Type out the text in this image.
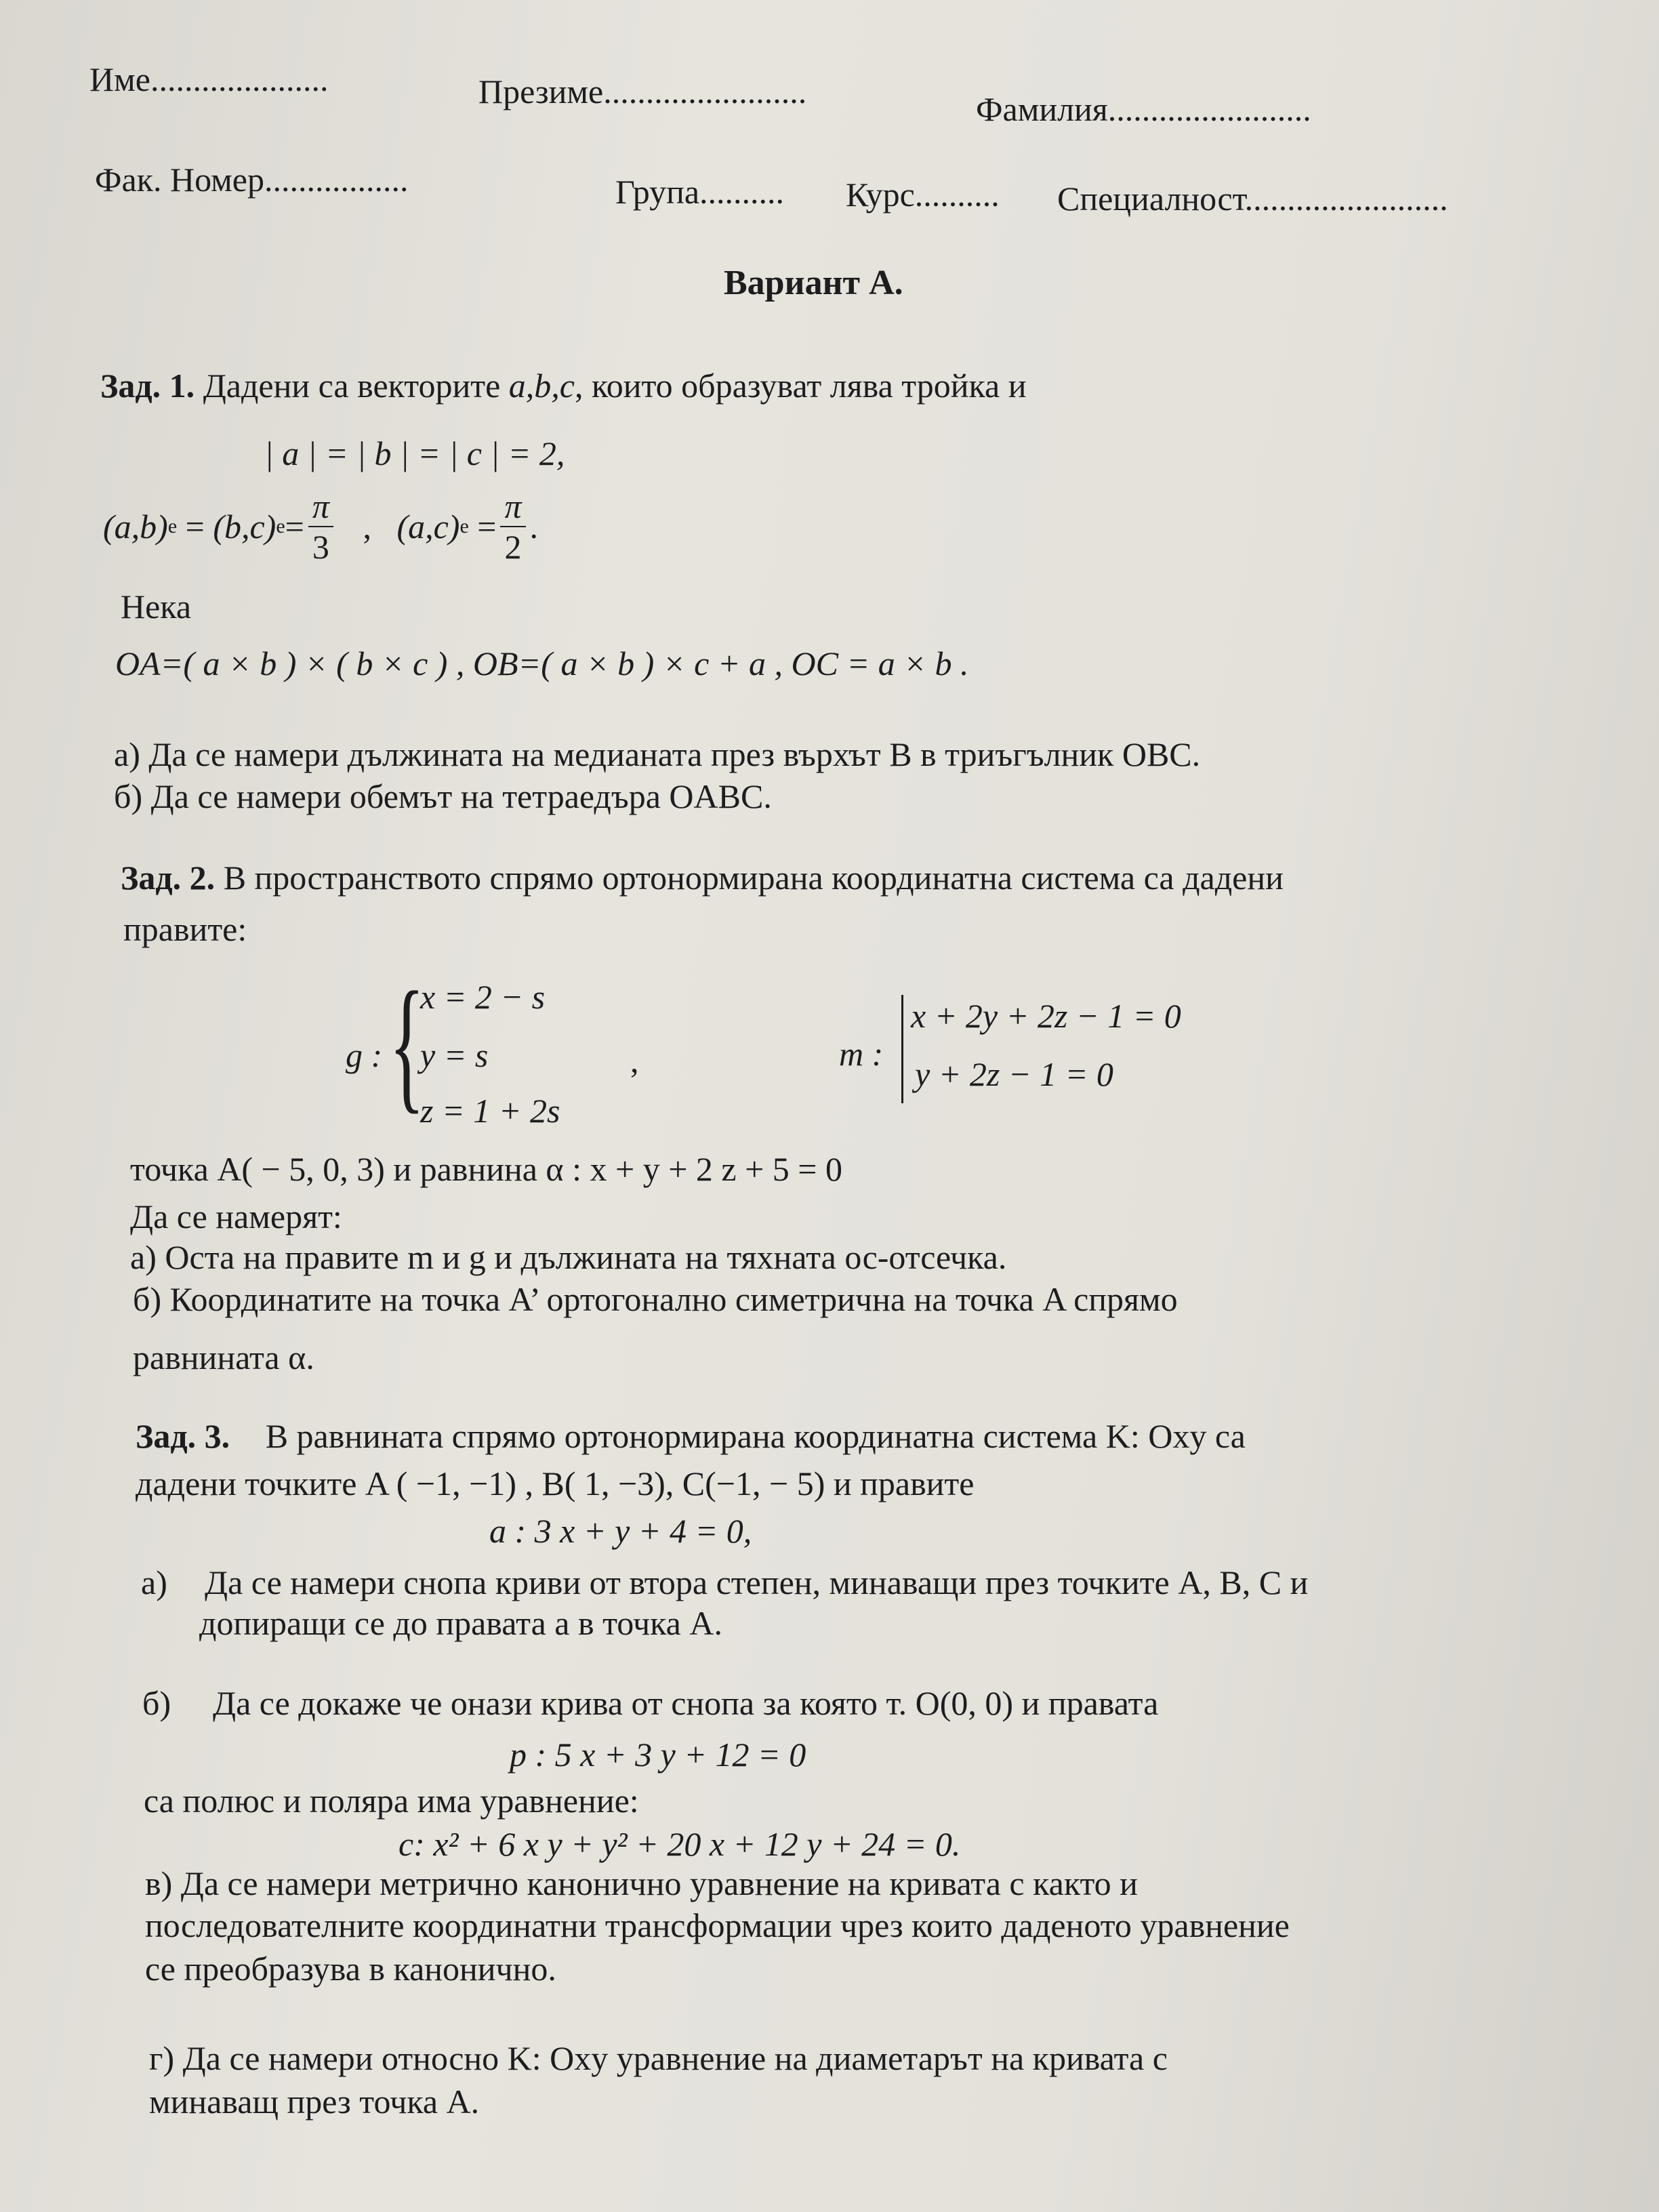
Име.....................	Презиме........................	Фамилия........................
Фак. Номер.................	Група.......... Курс.......... Специалност........................
Вариант А.
Зад. 1. Дадени са векторите a,b,c, които образуват лява тройка и
| a | = | b | = | c | = 2,
(a,b) e = (b,c) $e = \frac{\pi}{3}$ , (a,c) $e = \frac{\pi}{2}$ .
Нека
OA=( a × b ) × ( b × c ) , OB=( a × b ) × c + a , OC = a × b .
а) Да се намери дължината на медианата през върхът B в триъгълник OBC.
б) Да се намери обемът на тетраедъра OABC.
Зад. 2. В пространството спрямо ортонормирана координатна система са дадени
правите:
g : {
x = 2 − s
y = s
z = 1 + 2s
,	m :
x + 2y + 2z − 1 = 0
y + 2z − 1 = 0
точка A( − 5, 0, 3) и равнина α : x + y + 2 z + 5 = 0
Да се намерят:
а) Оста на правите m и g и дължината на тяхната ос-отсечка.
б) Координатите на точка A’ ортогонално симетрична на точка A спрямо
равнината α.
Зад. 3. В равнината спрямо ортонормирана координатна система K: Oxy са
дадени точките A ( −1, −1) , B( 1, −3), C(−1, − 5) и правите
a : 3 x + y + 4 = 0,
а) Да се намери снопа криви от втора степен, минаващи през точките A, B, C и
допиращи се до правата a в точка A.
б) Да се докаже че онази крива от снопа за която т. O(0, 0) и правата
p : 5 x + 3 y + 12 = 0
са полюс и поляра има уравнение:
c: x² + 6 x y + y² + 20 x + 12 y + 24 = 0.
в) Да се намери метрично канонично уравнение на кривата c както и
последователните координатни трансформации чрез които даденото уравнение
се преобразува в канонично.
г) Да се намери относно K: Oxy уравнение на диаметарът на кривата c
минаващ през точка A.
